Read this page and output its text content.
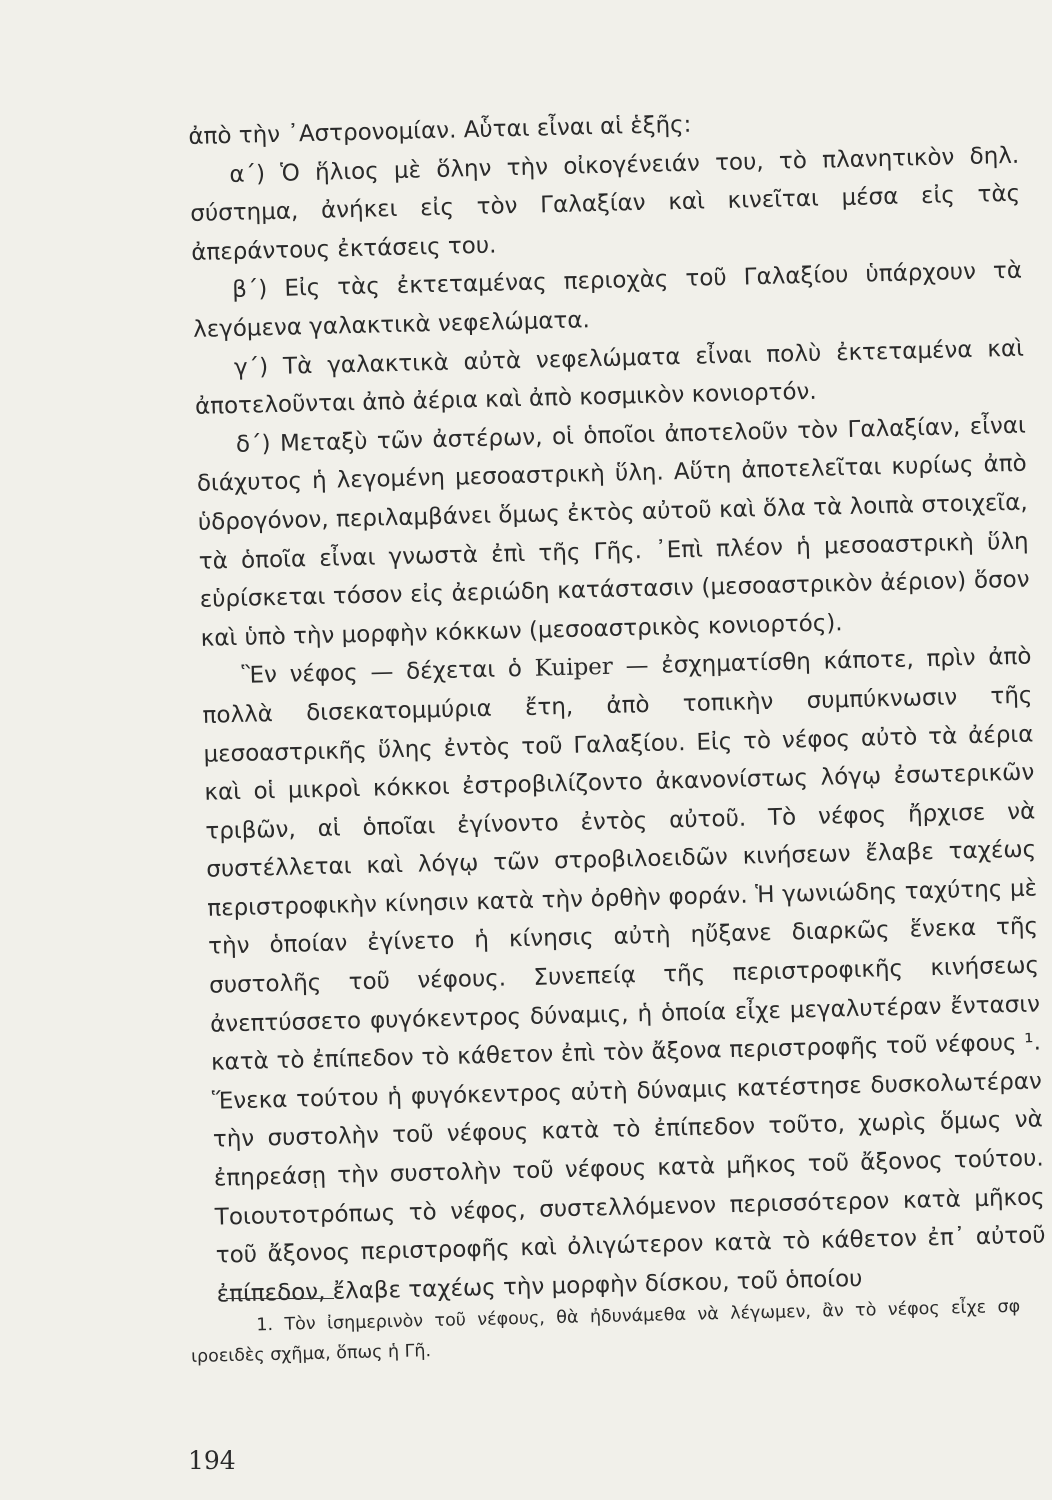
ἀπὸ τὴν ᾿Αστρονομίαν. Αὗται εἶναι αἱ ἑξῆς:

α΄) Ὁ ἥλιος μὲ ὅλην τὴν οἰκογένειάν του, τὸ πλανητικὸν δηλ. σύστημα, ἀνήκει εἰς τὸν Γαλαξίαν καὶ κινεῖται μέσα εἰς τὰς ἀπεράντους ἐκτάσεις του.

β΄) Εἰς τὰς ἐκτεταμένας περιοχὰς τοῦ Γαλαξίου ὑπάρχουν τὰ λεγόμενα γαλακτικὰ νεφελώματα.

γ΄) Τὰ γαλακτικὰ αὐτὰ νεφελώματα εἶναι πολὺ ἐκτεταμένα καὶ ἀποτελοῦνται ἀπὸ ἀέρια καὶ ἀπὸ κοσμικὸν κονιορτόν.

δ΄) Μεταξὺ τῶν ἀστέρων, οἱ ὁποῖοι ἀποτελοῦν τὸν Γαλαξίαν, εἶναι διάχυτος ἡ λεγομένη μεσοαστρικὴ ὕλη. Αὕτη ἀποτελεῖται κυρίως ἀπὸ ὑδρογόνον, περιλαμβάνει ὅμως ἐκτὸς αὐτοῦ καὶ ὅλα τὰ λοιπὰ στοιχεῖα, τὰ ὁποῖα εἶναι γνωστὰ ἐπὶ τῆς Γῆς. ᾿Επὶ πλέον ἡ μεσοαστρικὴ ὕλη εὑρίσκεται τόσον εἰς ἀεριώδη κατάστασιν (μεσοαστρικὸν ἀέριον) ὅσον καὶ ὑπὸ τὴν μορφὴν κόκκων (μεσοαστρικὸς κονιορτός).

Ἓν νέφος — δέχεται ὁ Kuiper — ἐσχηματίσθη κάποτε, πρὶν ἀπὸ πολλὰ δισεκατομμύρια ἔτη, ἀπὸ τοπικὴν συμπύκνωσιν τῆς μεσοαστρικῆς ὕλης ἐντὸς τοῦ Γαλαξίου. Εἰς τὸ νέφος αὐτὸ τὰ ἀέρια καὶ οἱ μικροὶ κόκκοι ἐστροβιλίζοντο ἀκανονίστως λόγῳ ἐσωτερικῶν τριβῶν, αἱ ὁποῖαι ἐγίνοντο ἐντὸς αὐτοῦ. Τὸ νέφος ἤρχισε νὰ συστέλλεται καὶ λόγῳ τῶν στροβιλοειδῶν κινήσεων ἔλαβε ταχέως περιστροφικὴν κίνησιν κατὰ τὴν ὀρθὴν φοράν. Ἡ γωνιώδης ταχύτης μὲ τὴν ὁποίαν ἐγίνετο ἡ κίνησις αὐτὴ ηὔξανε διαρκῶς ἕνεκα τῆς συστολῆς τοῦ νέφους. Συνεπείᾳ τῆς περιστροφικῆς κινήσεως ἀνεπτύσσετο φυγόκεντρος δύναμις, ἡ ὁποία εἶχε μεγαλυτέραν ἔντασιν κατὰ τὸ ἐπίπεδον τὸ κάθετον ἐπὶ τὸν ἄξονα περιστροφῆς τοῦ νέφους ¹. Ἕνεκα τούτου ἡ φυγόκεντρος αὐτὴ δύναμις κατέστησε δυσκολωτέραν τὴν συστολὴν τοῦ νέφους κατὰ τὸ ἐπίπεδον τοῦτο, χωρὶς ὅμως νὰ ἐπηρεάσῃ τὴν συστολὴν τοῦ νέφους κατὰ μῆκος τοῦ ἄξονος τούτου. Τοιουτοτρόπως τὸ νέφος, συστελλόμενον περισσότερον κατὰ μῆκος τοῦ ἄξονος περιστροφῆς καὶ ὀλιγώτερον κατὰ τὸ κάθετον ἐπ᾿ αὐτοῦ ἐπίπεδον, ἔλαβε ταχέως τὴν μορφὴν δίσκου, τοῦ ὁποίου

1. Τὸν ἰσημερινὸν τοῦ νέφους, θὰ ἠδυνάμεθα νὰ λέγωμεν, ἂν τὸ νέφος εἶχε σφ ιροειδὲς σχῆμα, ὅπως ἡ Γῆ.

194
